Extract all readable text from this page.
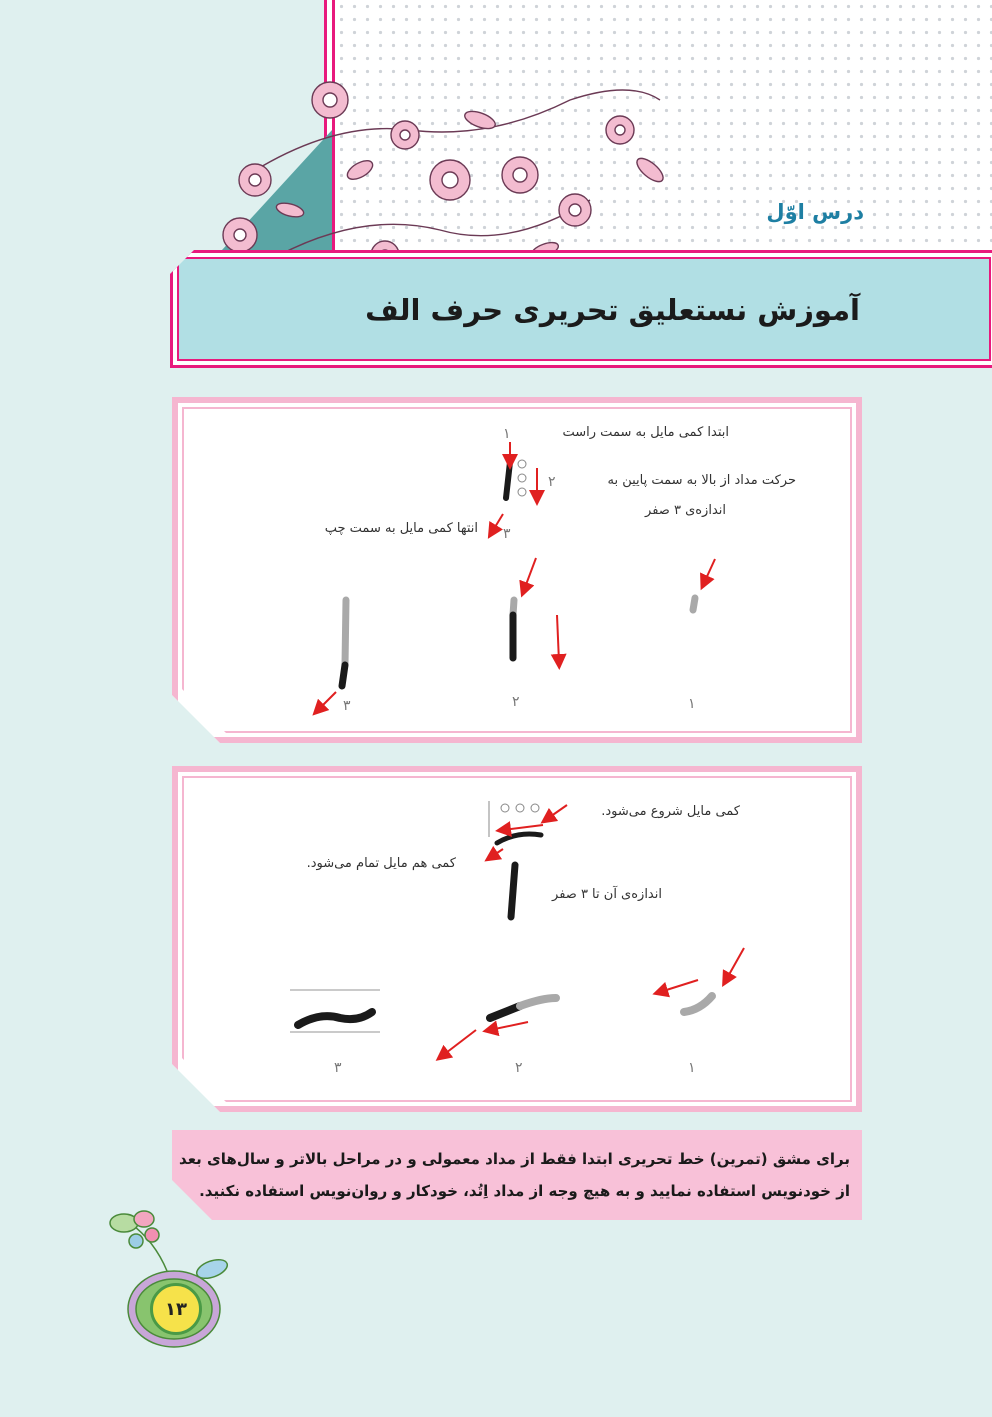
درس اوّل
آموزش نستعلیق تحریری حرف الف
ابتدا کمی مایل به سمت راست
۱
۲	حرکت مداد از بالا به سمت پایین به
اندازه‌ی ۳ صفر
۳
انتها کمی مایل به سمت چپ
۱
۲
۳
کمی مایل شروع می‌شود.
کمی هم مایل تمام می‌شود.
اندازه‌ی آن تا ۳ صفر
۱
۲
۳
برای مشق (تمرین) خط تحریری ابتدا فقط از مداد معمولی و در مراحل بالاتر و سال‌های بعد
از خودنویس استفاده نمایید و به هیچ وجه از مداد اِتُد، خودکار و روان‌نویس استفاده نکنید.
۱۳
